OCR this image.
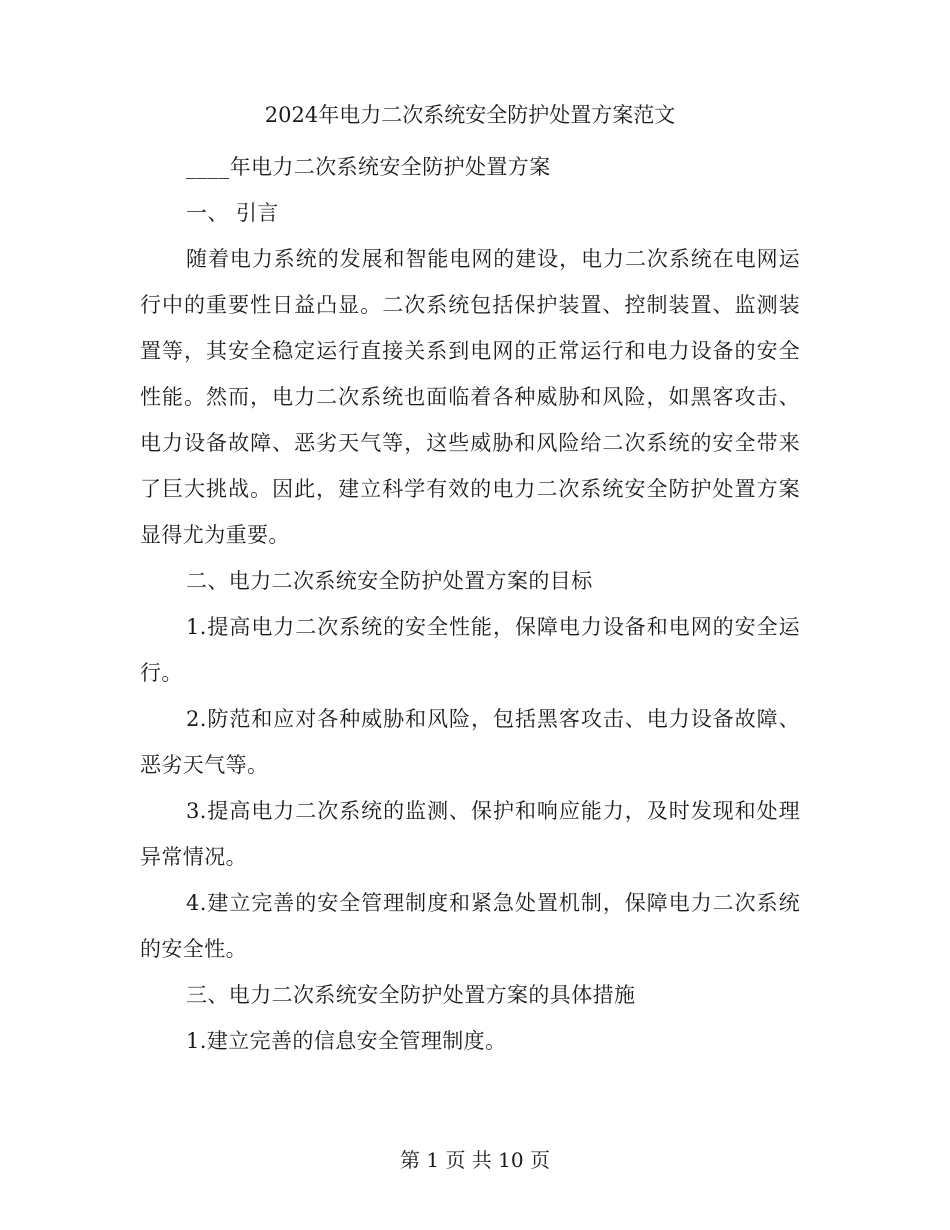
2024年电力二次系统安全防护处置方案范文

____年电力二次系统安全防护处置方案

一、 引言

随着电力系统的发展和智能电网的建设，电力二次系统在电网运行中的重要性日益凸显。二次系统包括保护装置、控制装置、监测装置等，其安全稳定运行直接关系到电网的正常运行和电力设备的安全性能。然而，电力二次系统也面临着各种威胁和风险，如黑客攻击、电力设备故障、恶劣天气等，这些威胁和风险给二次系统的安全带来了巨大挑战。因此，建立科学有效的电力二次系统安全防护处置方案显得尤为重要。

二、电力二次系统安全防护处置方案的目标

1.提高电力二次系统的安全性能，保障电力设备和电网的安全运行。

2.防范和应对各种威胁和风险，包括黑客攻击、电力设备故障、恶劣天气等。

3.提高电力二次系统的监测、保护和响应能力，及时发现和处理异常情况。

4.建立完善的安全管理制度和紧急处置机制，保障电力二次系统的安全性。

三、电力二次系统安全防护处置方案的具体措施

1.建立完善的信息安全管理制度。

第 1 页 共 10 页
